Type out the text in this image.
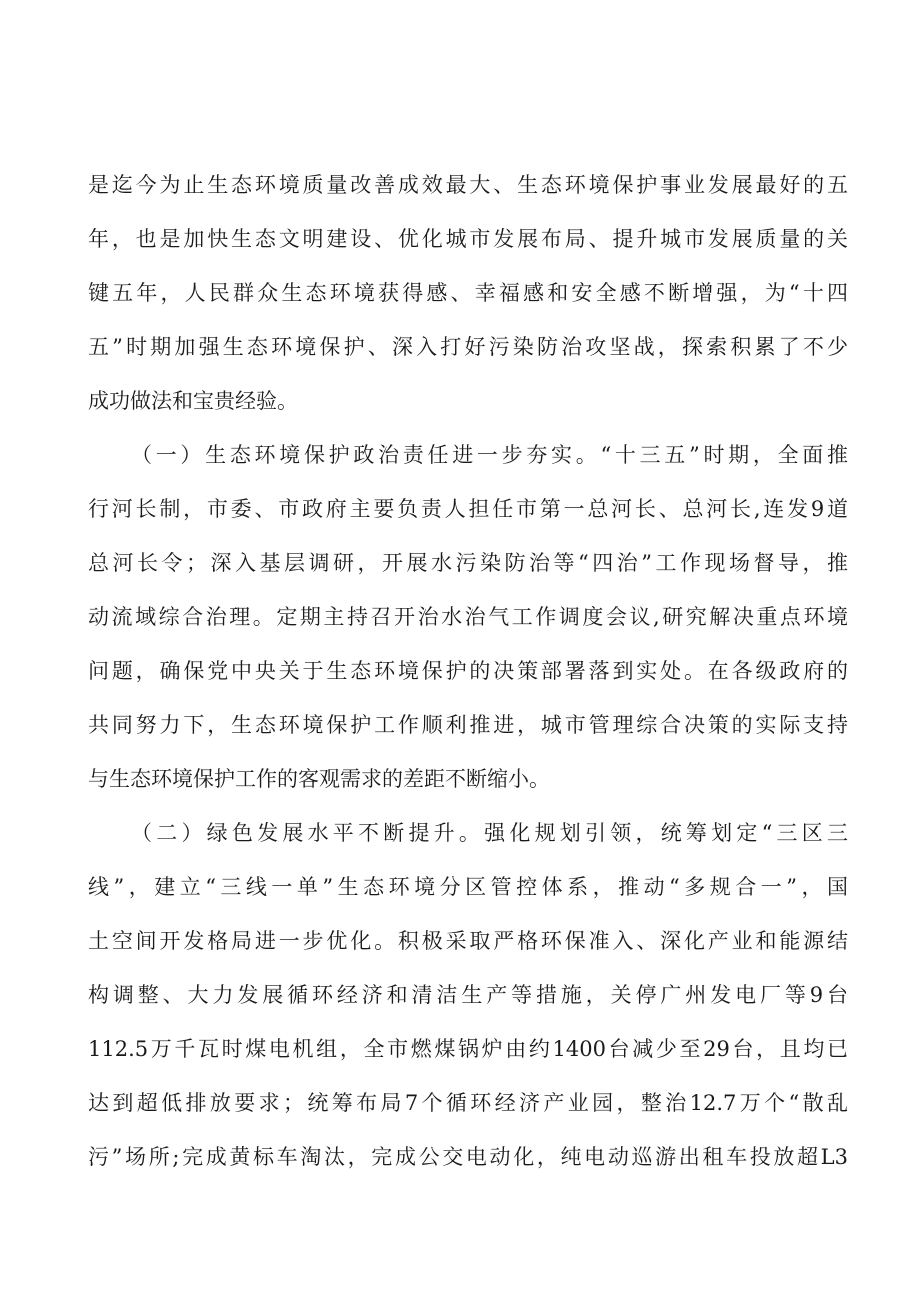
是迄今为止生态环境质量改善成效最大、生态环境保护事业发展最好的五
年，也是加快生态文明建设、优化城市发展布局、提升城市发展质量的关
键五年，人民群众生态环境获得感、幸福感和安全感不断增强，为“十四
五”时期加强生态环境保护、深入打好污染防治攻坚战，探索积累了不少
成功做法和宝贵经验。
（一）生态环境保护政治责任进一步夯实。“十三五”时期，全面推
行河长制，市委、市政府主要负责人担任市第一总河长、总河长,连发9道
总河长令；深入基层调研，开展水污染防治等“四治”工作现场督导，推
动流域综合治理。定期主持召开治水治气工作调度会议,研究解决重点环境
问题，确保党中央关于生态环境保护的决策部署落到实处。在各级政府的
共同努力下，生态环境保护工作顺利推进，城市管理综合决策的实际支持
与生态环境保护工作的客观需求的差距不断缩小。
（二）绿色发展水平不断提升。强化规划引领，统筹划定“三区三
线”，建立“三线一单”生态环境分区管控体系，推动“多规合一”，国
土空间开发格局进一步优化。积极采取严格环保准入、深化产业和能源结
构调整、大力发展循环经济和清洁生产等措施，关停广州发电厂等9台
112.5万千瓦时煤电机组，全市燃煤锅炉由约1400台减少至29台，且均已
达到超低排放要求；统筹布局7个循环经济产业园，整治12.7万个“散乱
污”场所;完成黄标车淘汰，完成公交电动化，纯电动巡游出租车投放超L3
